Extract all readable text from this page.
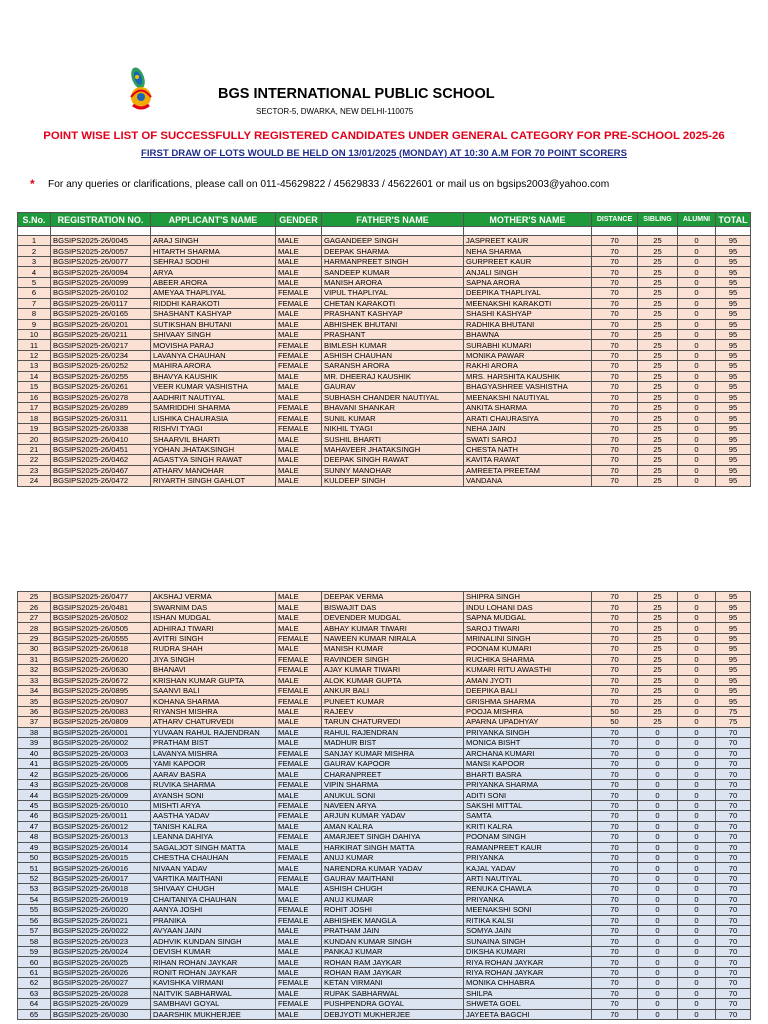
BGS INTERNATIONAL PUBLIC SCHOOL
SECTOR-5, DWARKA, NEW DELHI-110075
POINT WISE LIST OF SUCCESSFULLY REGISTERED CANDIDATES UNDER GENERAL CATEGORY FOR PRE-SCHOOL 2025-26
FIRST DRAW OF LOTS WOULD BE HELD ON 13/01/2025 (MONDAY) AT 10:30 A.M FOR 70 POINT SCORERS
* For any queries or clarifications, please call on 011-45629822 / 45629833 / 45622601 or mail us on bgsips2003@yahoo.com
S.No.	REGISTRATION NO.	APPLICANT'S NAME	GENDER	FATHER'S NAME	MOTHER'S NAME	DISTANCE	SIBLING	ALUMNI	TOTAL

1	BGSIPS2025-26/0045	ARAJ SINGH	MALE	GAGANDEEP SINGH	JASPREET KAUR	70	25	0	95
2	BGSIPS2025-26/0057	HITARTH SHARMA	MALE	DEEPAK SHARMA	NEHA SHARMA	70	25	0	95
3	BGSIPS2025-26/0077	SEHRAJ SODHI	MALE	HARMANPREET SINGH	GURPREET KAUR	70	25	0	95
4	BGSIPS2025-26/0094	ARYA	MALE	SANDEEP KUMAR	ANJALI SINGH	70	25	0	95
5	BGSIPS2025-26/0099	ABEER ARORA	MALE	MANISH ARORA	SAPNA ARORA	70	25	0	95
6	BGSIPS2025-26/0102	AMEYAA THAPLIYAL	FEMALE	VIPUL THAPLIYAL	DEEPIKA THAPLIYAL	70	25	0	95
7	BGSIPS2025-26/0117	RIDDHI KARAKOTI	FEMALE	CHETAN KARAKOTI	MEENAKSHI KARAKOTI	70	25	0	95
8	BGSIPS2025-26/0165	SHASHANT KASHYAP	MALE	PRASHANT KASHYAP	SHASHI KASHYAP	70	25	0	95
9	BGSIPS2025-26/0201	SUTIKSHAN BHUTANI	MALE	ABHISHEK BHUTANI	RADHIKA BHUTANI	70	25	0	95
10	BGSIPS2025-26/0211	SHIVAAY SINGH	MALE	PRASHANT	BHAWNA	70	25	0	95
11	BGSIPS2025-26/0217	MOVISHA PARAJ	FEMALE	BIMLESH KUMAR	SURABHI KUMARI	70	25	0	95
12	BGSIPS2025-26/0234	LAVANYA CHAUHAN	FEMALE	ASHISH CHAUHAN	MONIKA PAWAR	70	25	0	95
13	BGSIPS2025-26/0252	MAHIRA ARORA	FEMALE	SARANSH ARORA	RAKHI ARORA	70	25	0	95
14	BGSIPS2025-26/0255	BHAVYA KAUSHIK	MALE	MR. DHEERAJ KAUSHIK	MRS. HARSHITA KAUSHIK	70	25	0	95
15	BGSIPS2025-26/0261	VEER KUMAR VASHISTHA	MALE	GAURAV	BHAGYASHREE VASHISTHA	70	25	0	95
16	BGSIPS2025-26/0278	AADHRIT NAUTIYAL	MALE	SUBHASH CHANDER NAUTIYAL	MEENAKSHI NAUTIYAL	70	25	0	95
17	BGSIPS2025-26/0289	SAMRIDDHI SHARMA	FEMALE	BHAVANI SHANKAR	ANKITA SHARMA	70	25	0	95
18	BGSIPS2025-26/0311	LISHIKA CHAURASIA	FEMALE	SUNIL KUMAR	ARATI CHAURASIYA	70	25	0	95
19	BGSIPS2025-26/0338	RISHVI TYAGI	FEMALE	NIKHIL TYAGI	NEHA JAIN	70	25	0	95
20	BGSIPS2025-26/0410	SHAARVIL BHARTI	MALE	SUSHIL BHARTI	SWATI SAROJ	70	25	0	95
21	BGSIPS2025-26/0451	YOHAN JHATAKSINGH	MALE	MAHAVEER JHATAKSINGH	CHESTA NATH	70	25	0	95
22	BGSIPS2025-26/0462	AGASTYA SINGH RAWAT	MALE	DEEPAK SINGH RAWAT	KAVITA RAWAT	70	25	0	95
23	BGSIPS2025-26/0467	ATHARV MANOHAR	MALE	SUNNY MANOHAR	AMREETA PREETAM	70	25	0	95
24	BGSIPS2025-26/0472	RIYARTH SINGH GAHLOT	MALE	KULDEEP SINGH	VANDANA	70	25	0	95
25	BGSIPS2025-26/0477	AKSHAJ VERMA	MALE	DEEPAK VERMA	SHIPRA SINGH	70	25	0	95
26	BGSIPS2025-26/0481	SWARNIM DAS	MALE	BISWAJIT DAS	INDU LOHANI DAS	70	25	0	95
27	BGSIPS2025-26/0502	ISHAN MUDGAL	MALE	DEVENDER MUDGAL	SAPNA MUDGAL	70	25	0	95
28	BGSIPS2025-26/0505	ADHIRAJ TIWARI	MALE	ABHAY KUMAR TIWARI	SAROJ TIWARI	70	25	0	95
29	BGSIPS2025-26/0555	AVITRI SINGH	FEMALE	NAWEEN KUMAR NIRALA	MRINALINI SINGH	70	25	0	95
30	BGSIPS2025-26/0618	RUDRA SHAH	MALE	MANISH KUMAR	POONAM KUMARI	70	25	0	95
31	BGSIPS2025-26/0620	JIYA SINGH	FEMALE	RAVINDER SINGH	RUCHIKA SHARMA	70	25	0	95
32	BGSIPS2025-26/0630	BHANAVI	FEMALE	AJAY KUMAR TIWARI	KUMARI RITU AWASTHI	70	25	0	95
33	BGSIPS2025-26/0672	KRISHAN KUMAR GUPTA	MALE	ALOK KUMAR GUPTA	AMAN JYOTI	70	25	0	95
34	BGSIPS2025-26/0895	SAANVI BALI	FEMALE	ANKUR BALI	DEEPIKA BALI	70	25	0	95
35	BGSIPS2025-26/0907	KOHANA SHARMA	FEMALE	PUNEET KUMAR	GRISHMA SHARMA	70	25	0	95
36	BGSIPS2025-26/0083	RIYANSH MISHRA	MALE	RAJEEV	POOJA MISHRA	50	25	0	75
37	BGSIPS2025-26/0809	ATHARV CHATURVEDI	MALE	TARUN CHATURVEDI	APARNA UPADHYAY	50	25	0	75
38	BGSIPS2025-26/0001	YUVAAN RAHUL RAJENDRAN	MALE	RAHUL RAJENDRAN	PRIYANKA SINGH	70	0	0	70
39	BGSIPS2025-26/0002	PRATHAM BIST	MALE	MADHUR BIST	MONICA BISHT	70	0	0	70
40	BGSIPS2025-26/0003	LAVANYA MISHRA	FEMALE	SANJAY KUMAR MISHRA	ARCHANA KUMARI	70	0	0	70
41	BGSIPS2025-26/0005	YAMI KAPOOR	FEMALE	GAURAV KAPOOR	MANSI KAPOOR	70	0	0	70
42	BGSIPS2025-26/0006	AARAV BASRA	MALE	CHARANPREET	BHARTI BASRA	70	0	0	70
43	BGSIPS2025-26/0008	RUVIKA SHARMA	FEMALE	VIPIN SHARMA	PRIYANKA SHARMA	70	0	0	70
44	BGSIPS2025-26/0009	AYANSH SONI	MALE	ANUKUL SONI	ADITI SONI	70	0	0	70
45	BGSIPS2025-26/0010	MISHTI ARYA	FEMALE	NAVEEN ARYA	SAKSHI MITTAL	70	0	0	70
46	BGSIPS2025-26/0011	AASTHA YADAV	FEMALE	ARJUN KUMAR YADAV	SAMTA	70	0	0	70
47	BGSIPS2025-26/0012	TANISH KALRA	MALE	AMAN KALRA	KRITI KALRA	70	0	0	70
48	BGSIPS2025-26/0013	LEANNA DAHIYA	FEMALE	AMARJEET SINGH DAHIYA	POONAM SINGH	70	0	0	70
49	BGSIPS2025-26/0014	SAGALJOT SINGH MATTA	MALE	HARKIRAT SINGH MATTA	RAMANPREET KAUR	70	0	0	70
50	BGSIPS2025-26/0015	CHESTHA CHAUHAN	FEMALE	ANUJ KUMAR	PRIYANKA	70	0	0	70
51	BGSIPS2025-26/0016	NIVAAN YADAV	MALE	NARENDRA KUMAR YADAV	KAJAL YADAV	70	0	0	70
52	BGSIPS2025-26/0017	VARTIKA MAITHANI	FEMALE	GAURAV MAITHANI	ARTI NAUTIYAL	70	0	0	70
53	BGSIPS2025-26/0018	SHIVAAY CHUGH	MALE	ASHISH CHUGH	RENUKA CHAWLA	70	0	0	70
54	BGSIPS2025-26/0019	CHAITANIYA CHAUHAN	MALE	ANUJ KUMAR	PRIYANKA	70	0	0	70
55	BGSIPS2025-26/0020	AANYA JOSHI	FEMALE	ROHIT JOSHI	MEENAKSHI SONI	70	0	0	70
56	BGSIPS2025-26/0021	PRANIKA	FEMALE	ABHISHEK MANGLA	RITIKA KALSI	70	0	0	70
57	BGSIPS2025-26/0022	AVYAAN JAIN	MALE	PRATHAM JAIN	SOMYA JAIN	70	0	0	70
58	BGSIPS2025-26/0023	ADHVIK KUNDAN SINGH	MALE	KUNDAN KUMAR SINGH	SUNAINA SINGH	70	0	0	70
59	BGSIPS2025-26/0024	DEVISH KUMAR	MALE	PANKAJ KUMAR	DIKSHA KUMARI	70	0	0	70
60	BGSIPS2025-26/0025	RIHAN ROHAN JAYKAR	MALE	ROHAN RAM JAYKAR	RIYA ROHAN JAYKAR	70	0	0	70
61	BGSIPS2025-26/0026	RONIT ROHAN JAYKAR	MALE	ROHAN RAM JAYKAR	RIYA ROHAN JAYKAR	70	0	0	70
62	BGSIPS2025-26/0027	KAVISHKA VIRMANI	FEMALE	KETAN VIRMANI	MONIKA CHHABRA	70	0	0	70
63	BGSIPS2025-26/0028	NAITVIK SABHARWAL	MALE	RUPAK SABHARWAL	SHILPA	70	0	0	70
64	BGSIPS2025-26/0029	SAMBHAVI GOYAL	FEMALE	PUSHPENDRA GOYAL	SHWETA GOEL	70	0	0	70
65	BGSIPS2025-26/0030	DAARSHIK MUKHERJEE	MALE	DEBJYOTI MUKHERJEE	JAYEETA BAGCHI	70	0	0	70
